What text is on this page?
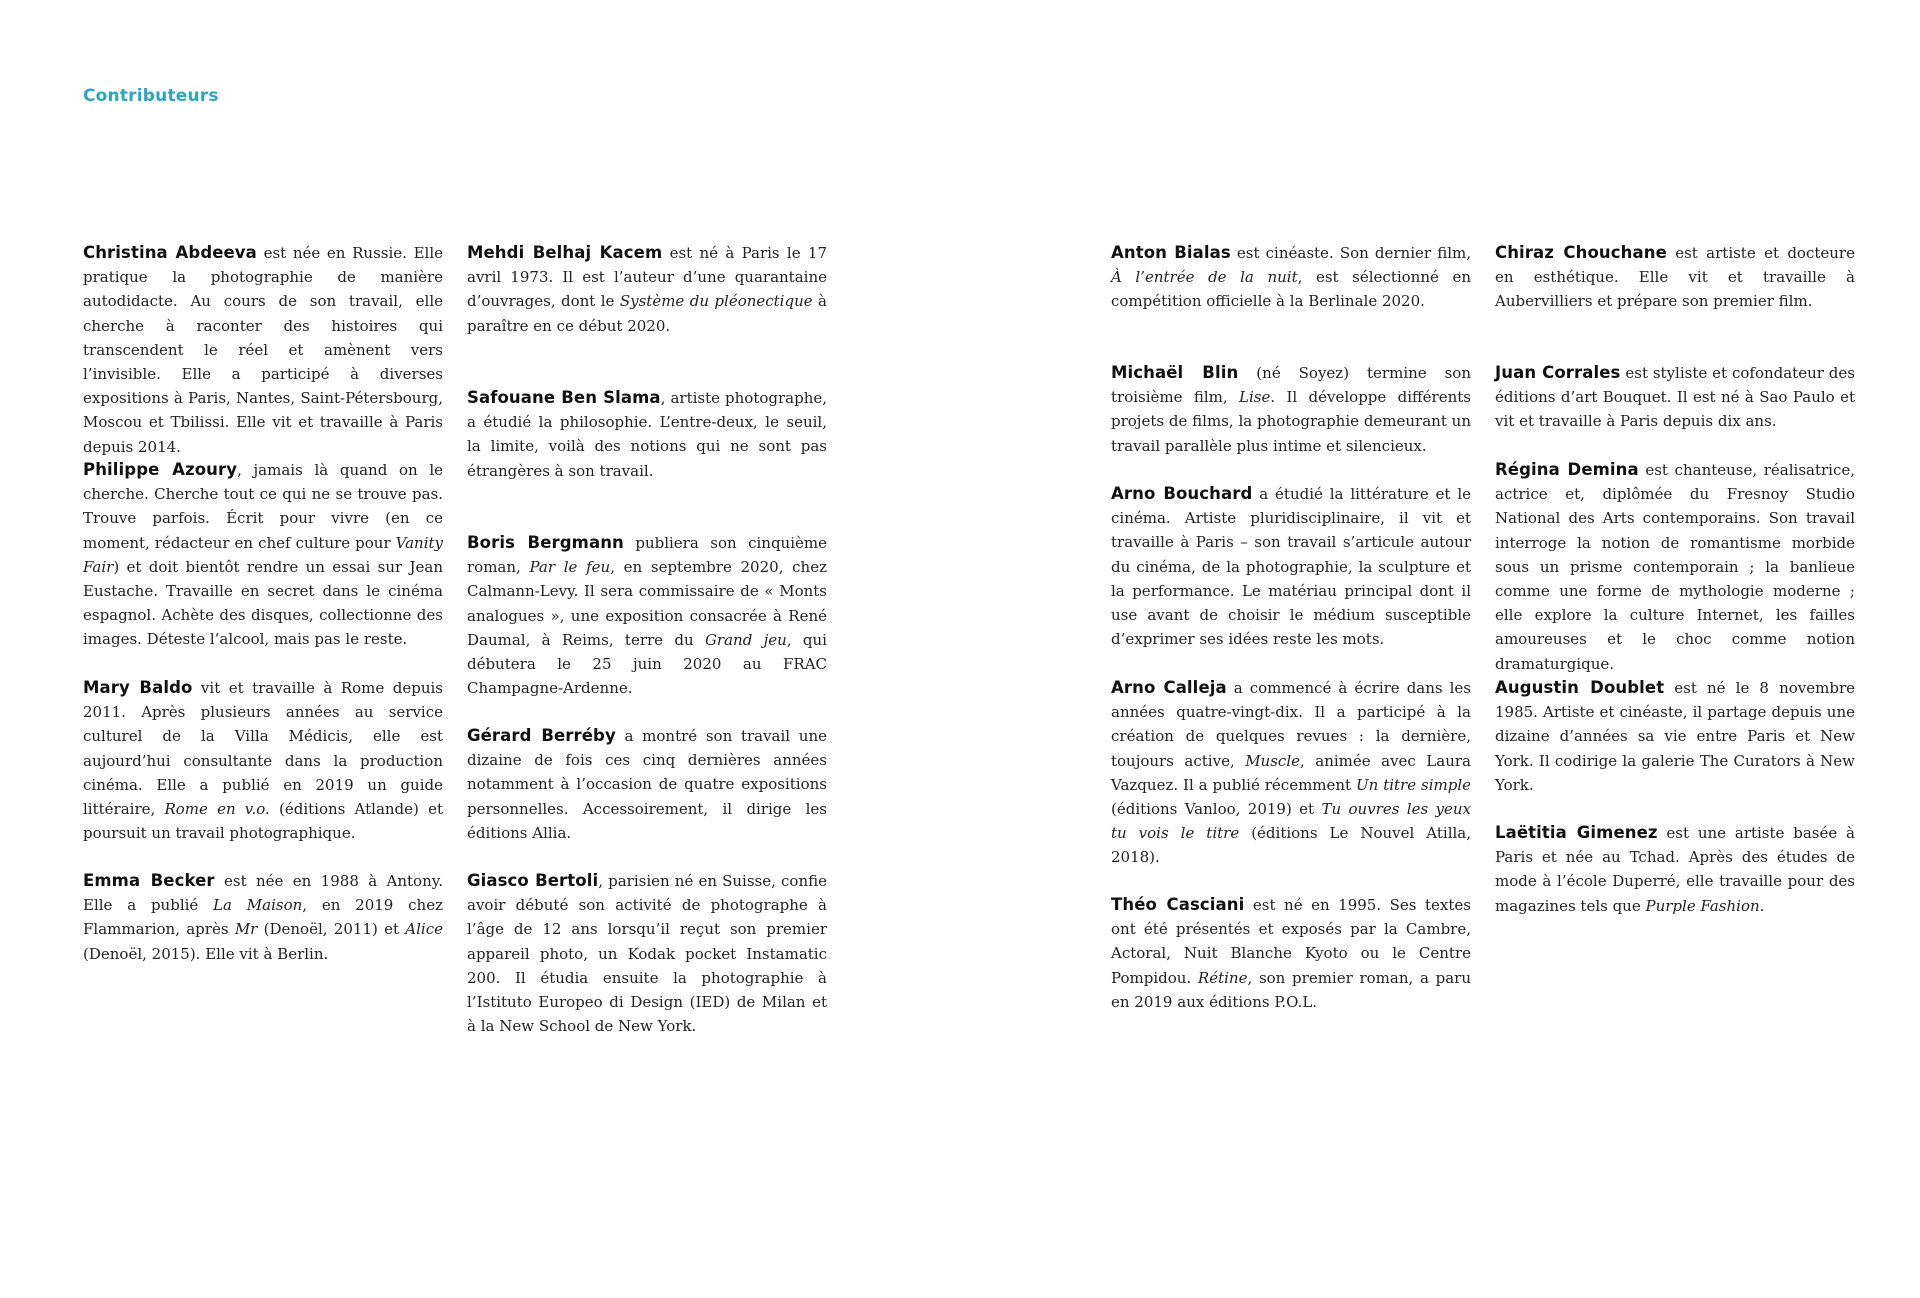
Contributeurs

Christina Abdeeva est née en Russie. Elle pratique la photographie de manière autodidacte. Au cours de son travail, elle cherche à raconter des histoires qui transcendent le réel et amènent vers l’invisible. Elle a participé à diverses expositions à Paris, Nantes, Saint-Pétersbourg, Moscou et Tbilissi. Elle vit et travaille à Paris depuis 2014.

Philippe Azoury, jamais là quand on le cherche. Cherche tout ce qui ne se trouve pas. Trouve parfois. Écrit pour vivre (en ce moment, rédacteur en chef culture pour Vanity Fair) et doit bientôt rendre un essai sur Jean Eustache. Travaille en secret dans le cinéma espagnol. Achète des disques, collectionne des images. Déteste l’alcool, mais pas le reste.

Mary Baldo vit et travaille à Rome depuis 2011. Après plusieurs années au service culturel de la Villa Médicis, elle est aujourd’hui consultante dans la production cinéma. Elle a publié en 2019 un guide littéraire, Rome en v.o. (éditions Atlande) et poursuit un travail photographique.

Emma Becker est née en 1988 à Antony. Elle a publié La Maison, en 2019 chez Flammarion, après Mr (Denoël, 2011) et Alice (Denoël, 2015). Elle vit à Berlin.

Mehdi Belhaj Kacem est né à Paris le 17 avril 1973. Il est l’auteur d’une quarantaine d’ouvrages, dont le Système du pléonectique à paraître en ce début 2020.

Safouane Ben Slama, artiste photographe, a étudié la philosophie. L’entre-deux, le seuil, la limite, voilà des notions qui ne sont pas étrangères à son travail.

Boris Bergmann publiera son cinquième roman, Par le feu, en septembre 2020, chez Calmann-Levy. Il sera commissaire de « Monts analogues », une exposition consacrée à René Daumal, à Reims, terre du Grand jeu, qui débutera le 25 juin 2020 au FRAC Champagne-Ardenne.

Gérard Berréby a montré son travail une dizaine de fois ces cinq dernières années notamment à l’occasion de quatre expositions personnelles. Accessoirement, il dirige les éditions Allia.

Giasco Bertoli, parisien né en Suisse, confie avoir débuté son activité de photographe à l’âge de 12 ans lorsqu’il reçut son premier appareil photo, un Kodak pocket Instamatic 200. Il étudia ensuite la photographie à l’Istituto Europeo di Design (IED) de Milan et à la New School de New York.

Anton Bialas est cinéaste. Son dernier film, À l’entrée de la nuit, est sélectionné en compétition officielle à la Berlinale 2020.

Michaël Blin (né Soyez) termine son troisième film, Lise. Il développe différents projets de films, la photographie demeurant un travail parallèle plus intime et silencieux.

Arno Bouchard a étudié la littérature et le cinéma. Artiste pluridisciplinaire, il vit et travaille à Paris – son travail s’articule autour du cinéma, de la photographie, la sculpture et la performance. Le matériau principal dont il use avant de choisir le médium susceptible d’exprimer ses idées reste les mots.

Arno Calleja a commencé à écrire dans les années quatre-vingt-dix. Il a participé à la création de quelques revues : la dernière, toujours active, Muscle, animée avec Laura Vazquez. Il a publié récemment Un titre simple (éditions Vanloo, 2019) et Tu ouvres les yeux tu vois le titre (éditions Le Nouvel Atilla, 2018).

Théo Casciani est né en 1995. Ses textes ont été présentés et exposés par la Cambre, Actoral, Nuit Blanche Kyoto ou le Centre Pompidou. Rétine, son premier roman, a paru en 2019 aux éditions P.O.L.

Chiraz Chouchane est artiste et docteure en esthétique. Elle vit et travaille à Aubervilliers et prépare son premier film.

Juan Corrales est styliste et cofondateur des éditions d’art Bouquet. Il est né à Sao Paulo et vit et travaille à Paris depuis dix ans.

Régina Demina est chanteuse, réalisatrice, actrice et, diplômée du Fresnoy Studio National des Arts contemporains. Son travail interroge la notion de romantisme morbide sous un prisme contemporain ; la banlieue comme une forme de mythologie moderne ; elle explore la culture Internet, les failles amoureuses et le choc comme notion dramaturgique.

Augustin Doublet est né le 8 novembre 1985. Artiste et cinéaste, il partage depuis une dizaine d’années sa vie entre Paris et New York. Il codirige la galerie The Curators à New York.

Laëtitia Gimenez est une artiste basée à Paris et née au Tchad. Après des études de mode à l’école Duperré, elle travaille pour des magazines tels que Purple Fashion.
